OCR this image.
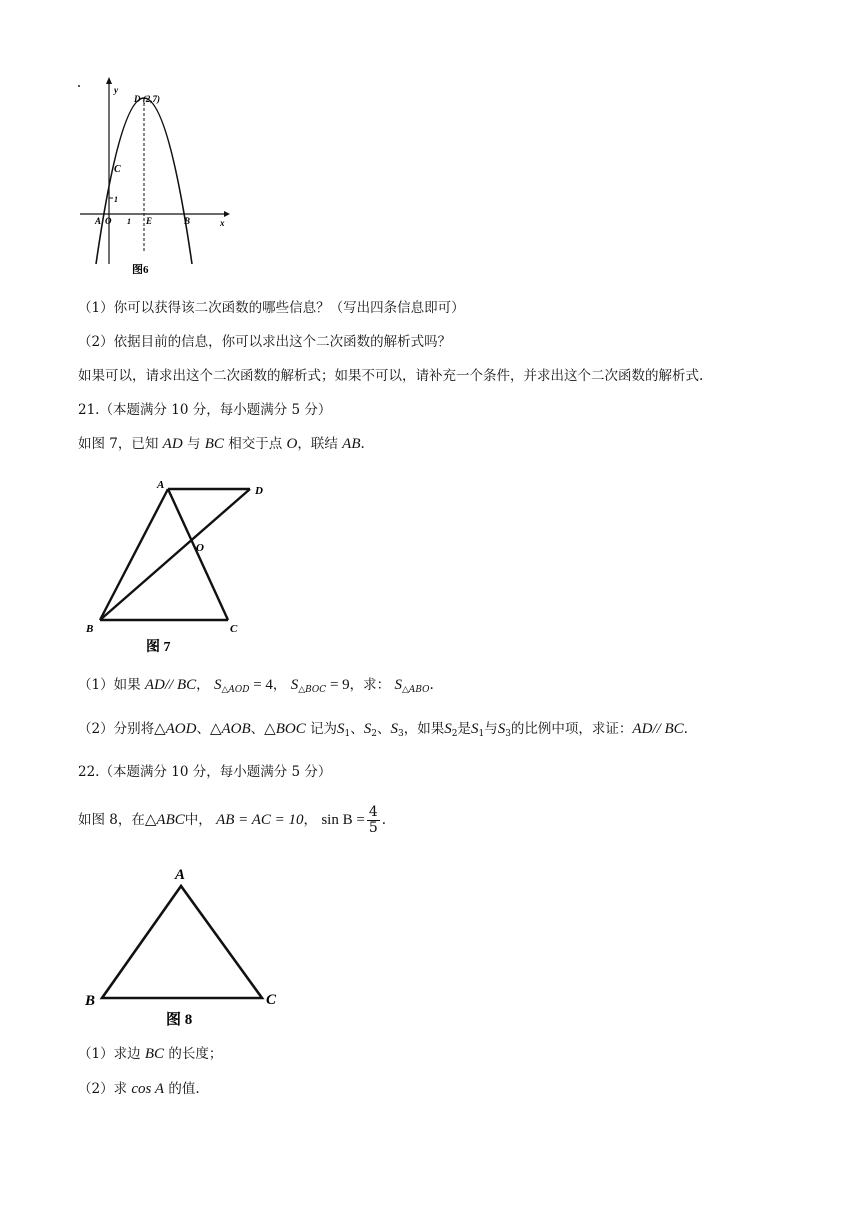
D (2,7)
y
x
C
1
A O 1 E	B
图6
（1）你可以获得该二次函数的哪些信息？（写出四条信息即可）
（2）依据目前的信息，你可以求出这个二次函数的解析式吗？
如果可以，请求出这个二次函数的解析式；如果不可以，请补充一个条件，并求出这个二次函数的解析式.
21.（本题满分 10 分，每小题满分 5 分）
如图 7，已知 AD 与 BC 相交于点 O，联结 AB.
A	D
O
B	C
图 7
（1）如果 AD// BC， $S_{\triangle AOD} = 4$， $S_{\triangle BOC} = 9$，求： $S_{\triangle ABO}$.
（2）分别将△AOD、△AOB、△BOC 记为$S_1$、$S_2$、$S_3$，如果$S_2$是$S_1$与$S_3$的比例中项，求证：AD// BC.
22.（本题满分 10 分，每小题满分 5 分）
如图 8，在△ABC中， AB = AC = 10， $\sin B = \frac{4}{5}$ .
A
B	C
图 8
（1）求边 BC 的长度；
（2）求 cos A 的值.
